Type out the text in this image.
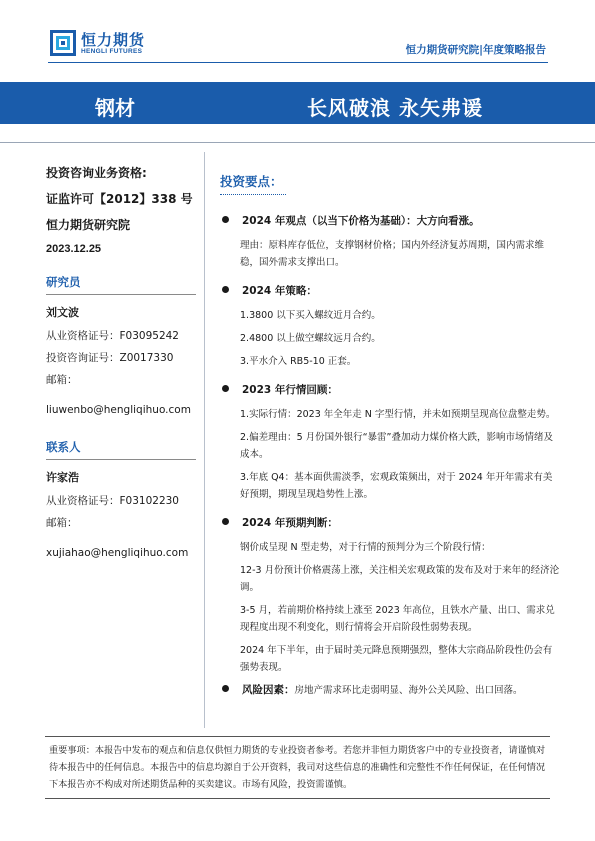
恒力期货
HENGLI FUTURES	恒力期货研究院|年度策略报告
钢材	长风破浪 永矢弗谖
投资咨询业务资格:
证监许可【2012】338 号
恒力期货研究院
2023.12.25
研究员
刘文波
从业资格证号：F03095242
投资咨询证号：Z0017330
邮箱：
liuwenbo@hengliqihuo.com
联系人
许家浩
从业资格证号：F03102230
邮箱：
xujiahao@hengliqihuo.com
投资要点：
2024 年观点（以当下价格为基础）：大方向看涨。
理由：原料库存低位，支撑钢材价格；国内外经济复苏周期，国内需求维稳，国外需求支撑出口。
2024 年策略：
1.3800 以下买入螺纹近月合约。
2.4800 以上做空螺纹远月合约。
3.平水介入 RB5-10 正套。
2023 年行情回顾：
1.实际行情：2023 年全年走 N 字型行情，并未如预期呈现高位盘整走势。
2.偏差理由：5 月份国外银行“暴雷”叠加动力煤价格大跌，影响市场情绪及成本。
3.年底 Q4：基本面供需淡季，宏观政策频出，对于 2024 年开年需求有美好预期，期现呈现趋势性上涨。
2024 年预期判断：
钢价成呈现 N 型走势，对于行情的预判分为三个阶段行情：
12-3 月份预计价格震荡上涨，关注相关宏观政策的发布及对于来年的经济沦调。
3-5 月，若前期价格持续上涨至 2023 年高位，且铁水产量、出口、需求兑现程度出现不利变化，则行情将会开启阶段性弱势表现。
2024 年下半年，由于届时美元降息预期强烈，整体大宗商品阶段性仍会有强势表现。
风险因素：房地产需求环比走弱明显、海外公关风险、出口回落。
重要事项：本报告中发布的观点和信息仅供恒力期货的专业投资者参考。若您并非恒力期货客户中的专业投资者，请谨慎对待本报告中的任何信息。本报告中的信息均源自于公开资料，我司对这些信息的准确性和完整性不作任何保证，在任何情况下本报告亦不构成对所述期货品种的买卖建议。市场有风险，投资需谨慎。
